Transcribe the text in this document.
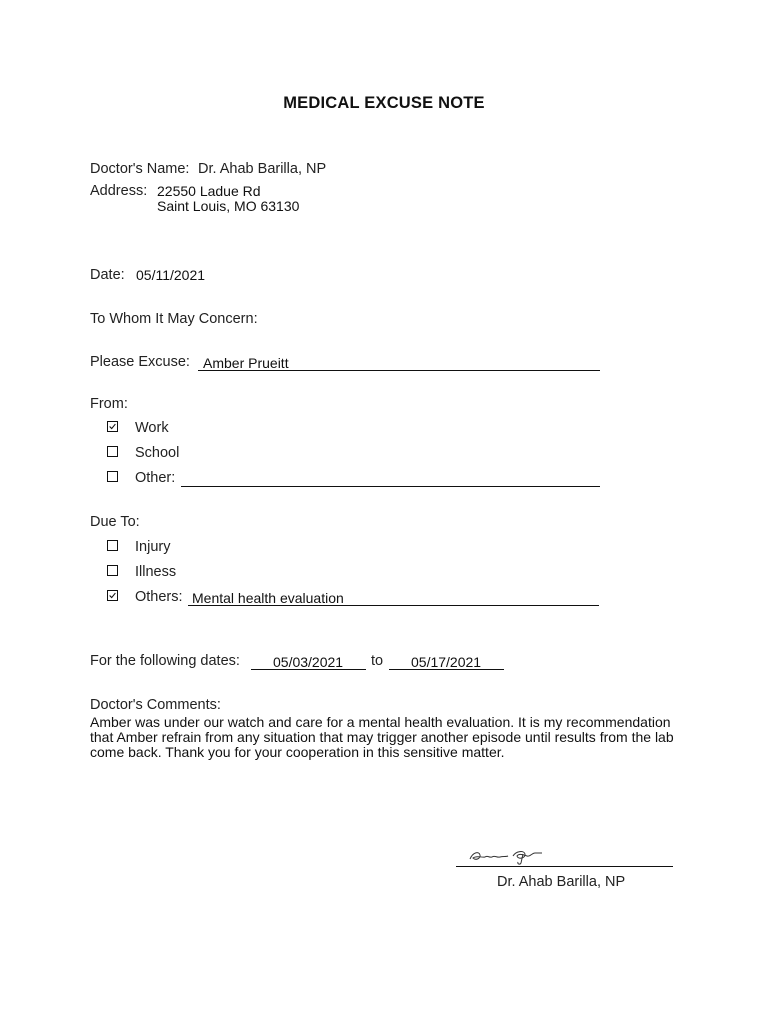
MEDICAL EXCUSE NOTE
Doctor's Name: Dr. Ahab Barilla, NP
Address: 22550 Ladue Rd
Saint Louis, MO 63130
Date: 05/11/2021
To Whom It May Concern:
Please Excuse: Amber Prueitt
From:
Work
School
Other:
Due To:
Injury
Illness
Others: Mental health evaluation
For the following dates: 05/03/2021 to 05/17/2021
Doctor's Comments:
Amber was under our watch and care for a mental health evaluation. It is my recommendation that Amber refrain from any situation that may trigger another episode until results from the lab come back. Thank you for your cooperation in this sensitive matter.
Dr. Ahab Barilla, NP
